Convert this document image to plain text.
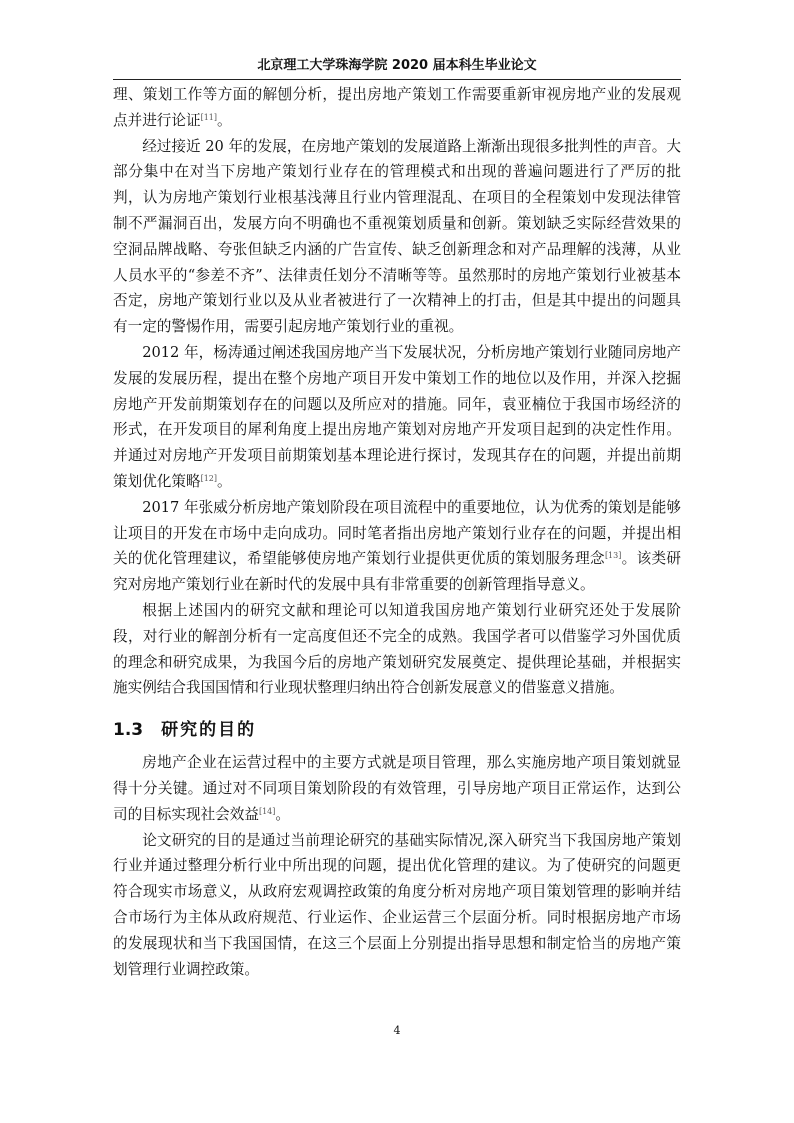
北京理工大学珠海学院 2020 届本科生毕业论文

理、策划工作等方面的解刨分析，提出房地产策划工作需要重新审视房地产业的发展观点并进行论证[11]。

经过接近 20 年的发展，在房地产策划的发展道路上渐渐出现很多批判性的声音。大部分集中在对当下房地产策划行业存在的管理模式和出现的普遍问题进行了严厉的批判，认为房地产策划行业根基浅薄且行业内管理混乱、在项目的全程策划中发现法律管制不严漏洞百出，发展方向不明确也不重视策划质量和创新。策划缺乏实际经营效果的空洞品牌战略、夸张但缺乏内涵的广告宣传、缺乏创新理念和对产品理解的浅薄，从业人员水平的“参差不齐”、法律责任划分不清晰等等。虽然那时的房地产策划行业被基本否定，房地产策划行业以及从业者被进行了一次精神上的打击，但是其中提出的问题具有一定的警惕作用，需要引起房地产策划行业的重视。

2012 年，杨涛通过阐述我国房地产当下发展状况，分析房地产策划行业随同房地产发展的发展历程，提出在整个房地产项目开发中策划工作的地位以及作用，并深入挖掘房地产开发前期策划存在的问题以及所应对的措施。同年，袁亚楠位于我国市场经济的形式，在开发项目的犀利角度上提出房地产策划对房地产开发项目起到的决定性作用。并通过对房地产开发项目前期策划基本理论进行探讨，发现其存在的问题，并提出前期策划优化策略[12]。

2017 年张威分析房地产策划阶段在项目流程中的重要地位，认为优秀的策划是能够让项目的开发在市场中走向成功。同时笔者指出房地产策划行业存在的问题，并提出相关的优化管理建议，希望能够使房地产策划行业提供更优质的策划服务理念[13]。该类研究对房地产策划行业在新时代的发展中具有非常重要的创新管理指导意义。

根据上述国内的研究文献和理论可以知道我国房地产策划行业研究还处于发展阶段，对行业的解剖分析有一定高度但还不完全的成熟。我国学者可以借鉴学习外国优质的理念和研究成果，为我国今后的房地产策划研究发展奠定、提供理论基础，并根据实施实例结合我国国情和行业现状整理归纳出符合创新发展意义的借鉴意义措施。

1.3 研究的目的

房地产企业在运营过程中的主要方式就是项目管理，那么实施房地产项目策划就显得十分关键。通过对不同项目策划阶段的有效管理，引导房地产项目正常运作，达到公司的目标实现社会效益[14]。

论文研究的目的是通过当前理论研究的基础实际情况,深入研究当下我国房地产策划行业并通过整理分析行业中所出现的问题，提出优化管理的建议。为了使研究的问题更符合现实市场意义，从政府宏观调控政策的角度分析对房地产项目策划管理的影响并结合市场行为主体从政府规范、行业运作、企业运营三个层面分析。同时根据房地产市场的发展现状和当下我国国情，在这三个层面上分别提出指导思想和制定恰当的房地产策划管理行业调控政策。

4
